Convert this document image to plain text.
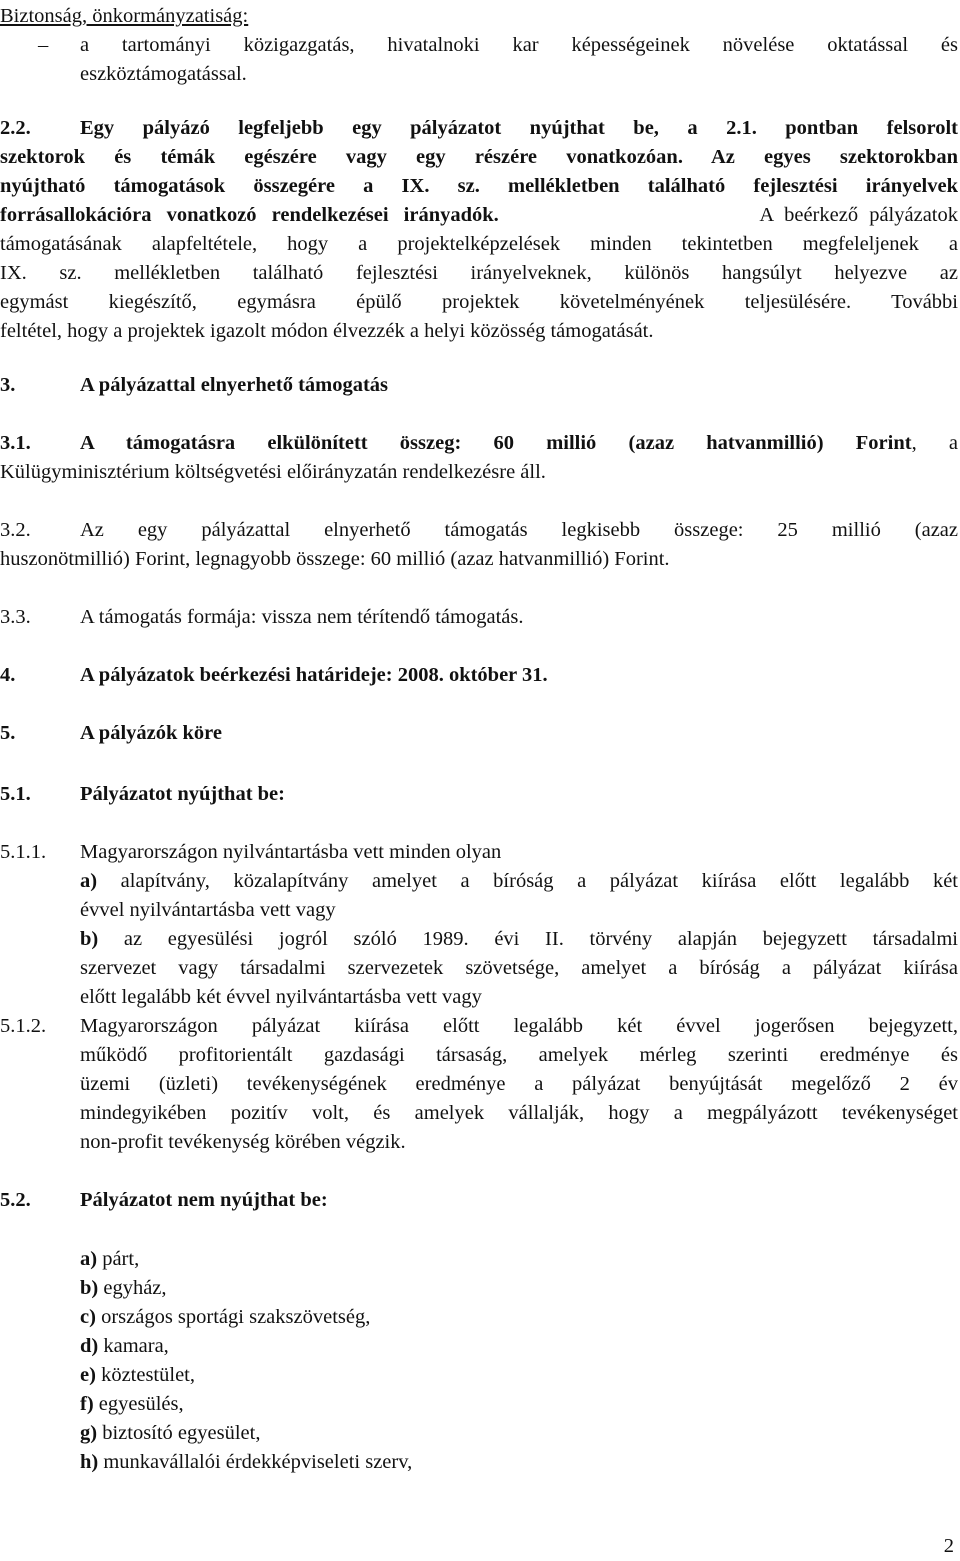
Biztonság, önkormányzatiság:
– a tartományi közigazgatás, hivatalnoki kar képességeinek növelése oktatással és
eszköztámogatással.
2.2. Egy pályázó legfeljebb egy pályázatot nyújthat be, a 2.1. pontban felsorolt
szektorok és témák egészére vagy egy részére vonatkozóan. Az egyes szektorokban
nyújtható támogatások összegére a IX. sz. mellékletben található fejlesztési irányelvek
forrásallokációra vonatkozó rendelkezései irányadók.	A beérkező pályázatok
támogatásának alapfeltétele, hogy a projektelképzelések minden tekintetben megfeleljenek a
IX. sz. mellékletben található fejlesztési irányelveknek, különös hangsúlyt helyezve az
egymást kiegészítő, egymásra épülő projektek követelményének teljesülésére. További
feltétel, hogy a projektek igazolt módon élvezzék a helyi közösség támogatását.
3.
	A pályázattal elnyerhető támogatás
3.1. A támogatásra elkülönített összeg: 60 millió (azaz hatvanmillió) Forint, a
Külügyminisztérium költségvetési előirányzatán rendelkezésre áll.
3.2. Az egy pályázattal elnyerhető támogatás legkisebb összege: 25 millió (azaz
huszonötmillió) Forint, legnagyobb összege: 60 millió (azaz hatvanmillió) Forint.
3.3. A támogatás formája: vissza nem térítendő támogatás.
4.
	A pályázatok beérkezési határideje: 2008. október 31.
5.
	A pályázók köre
5.1. Pályázatot nyújthat be:
5.1.1. Magyarországon nyilvántartásba vett minden olyan
a) alapítvány, közalapítvány amelyet a bíróság a pályázat kiírása előtt legalább két
évvel nyilvántartásba vett vagy
b) az egyesülési jogról szóló 1989. évi II. törvény alapján bejegyzett társadalmi
szervezet vagy társadalmi szervezetek szövetsége, amelyet a bíróság a pályázat kiírása
előtt legalább két évvel nyilvántartásba vett vagy
5.1.2. Magyarországon pályázat kiírása előtt legalább két évvel jogerősen bejegyzett,
működő profitorientált gazdasági társaság, amelyek mérleg szerinti eredménye és
üzemi (üzleti) tevékenységének eredménye a pályázat benyújtását megelőző 2 év
mindegyikében pozitív volt, és amelyek vállalják, hogy a megpályázott tevékenységet
non-profit tevékenység körében végzik.
5.2. Pályázatot nem nyújthat be:
a) párt,
b) egyház,
c) országos sportági szakszövetség,
d) kamara,
e) köztestület,
f) egyesülés,
g) biztosító egyesület,
h) munkavállalói érdekképviseleti szerv,
2
